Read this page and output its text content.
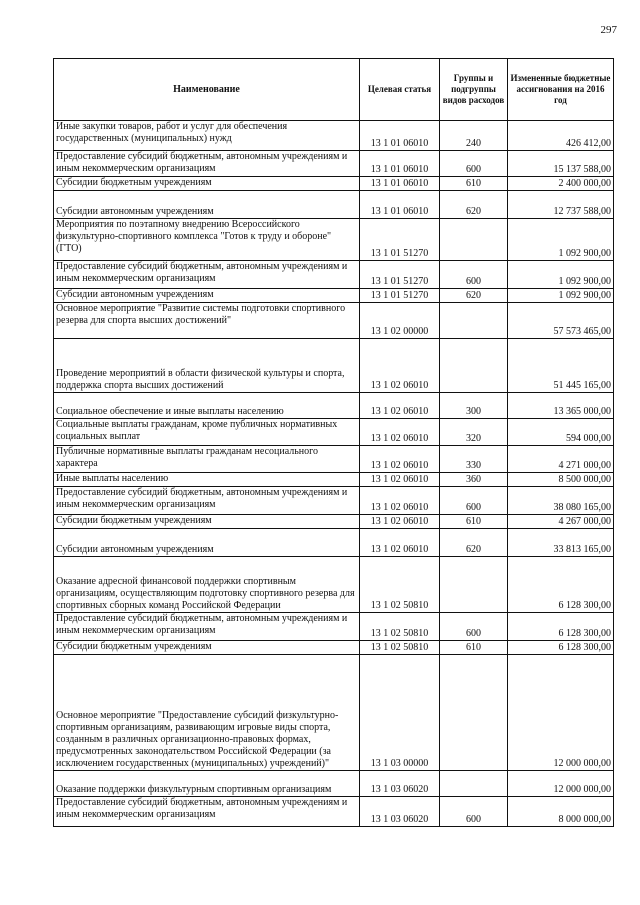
297
Наименование	Целевая статья	Группы и подгруппы видов расходов	Измененные бюджетные ассигнования на 2016 год
Иные закупки товаров, работ и услуг для обеспечения государственных (муниципальных) нужд	13 1 01 06010	240	426 412,00
Предоставление субсидий бюджетным, автономным учреждениям и иным некоммерческим организациям	13 1 01 06010	600	15 137 588,00
Субсидии бюджетным учреждениям	13 1 01 06010	610	2 400 000,00
Субсидии автономным учреждениям	13 1 01 06010	620	12 737 588,00
Мероприятия по поэтапному внедрению Всероссийского физкультурно-спортивного комплекса "Готов к труду и обороне" (ГТО)	13 1 01 51270		1 092 900,00
Предоставление субсидий бюджетным, автономным учреждениям и иным некоммерческим организациям	13 1 01 51270	600	1 092 900,00
Субсидии автономным учреждениям	13 1 01 51270	620	1 092 900,00
Основное мероприятие "Развитие системы подготовки спортивного резерва для спорта высших достижений"	13 1 02 00000		57 573 465,00
Проведение мероприятий в области физической культуры и спорта, поддержка спорта высших достижений	13 1 02 06010		51 445 165,00
Социальное обеспечение и иные выплаты населению	13 1 02 06010	300	13 365 000,00
Социальные выплаты гражданам, кроме публичных нормативных социальных выплат	13 1 02 06010	320	594 000,00
Публичные нормативные выплаты гражданам несоциального характера	13 1 02 06010	330	4 271 000,00
Иные выплаты населению	13 1 02 06010	360	8 500 000,00
Предоставление субсидий бюджетным, автономным учреждениям и иным некоммерческим организациям	13 1 02 06010	600	38 080 165,00
Субсидии бюджетным учреждениям	13 1 02 06010	610	4 267 000,00
Субсидии автономным учреждениям	13 1 02 06010	620	33 813 165,00
Оказание адресной финансовой поддержки спортивным организациям, осуществляющим подготовку спортивного резерва для спортивных сборных команд Российской Федерации	13 1 02 50810		6 128 300,00
Предоставление субсидий бюджетным, автономным учреждениям и иным некоммерческим организациям	13 1 02 50810	600	6 128 300,00
Субсидии бюджетным учреждениям	13 1 02 50810	610	6 128 300,00
Основное мероприятие "Предоставление субсидий физкультурно-спортивным организациям, развивающим игровые виды спорта, созданным в различных организационно-правовых формах, предусмотренных законодательством Российской Федерации (за исключением государственных (муниципальных) учреждений)"	13 1 03 00000		12 000 000,00
Оказание поддержки физкультурным спортивным организациям	13 1 03 06020		12 000 000,00
Предоставление субсидий бюджетным, автономным учреждениям и иным некоммерческим организациям	13 1 03 06020	600	8 000 000,00
